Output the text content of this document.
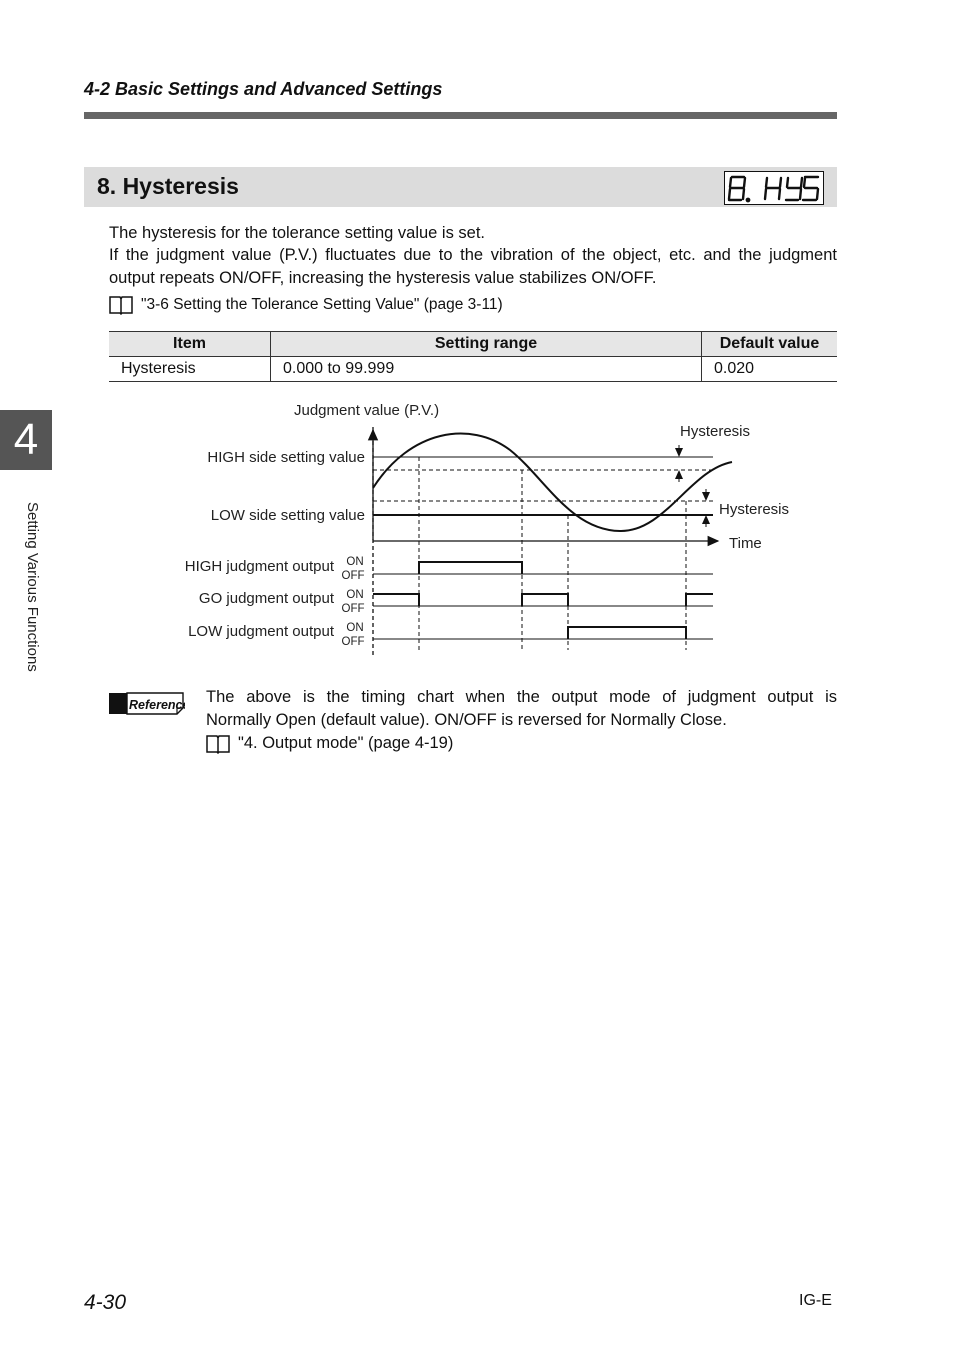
4-2 Basic Settings and Advanced Settings
8. Hysteresis
The hysteresis for the tolerance setting value is set.
If the judgment value (P.V.) fluctuates due to the vibration of the object, etc. and the judgment output repeats ON/OFF, increasing the hysteresis value stabilizes ON/OFF.
"3-6 Setting the Tolerance Setting Value" (page 3-11)
Item	Setting range	Default value
Hysteresis	0.000 to 99.999	0.020
Judgment value (P.V.)
HIGH side setting value
LOW side setting value
Hysteresis
Hysteresis
Time
HIGH judgment output
GO judgment output
LOW judgment output
ON
OFF
ON
OFF
ON
OFF
4
Setting Various Functions
Reference The above is the timing chart when the output mode of judgment output is
Normally Open (default value). ON/OFF is reversed for Normally Close.
"4. Output mode" (page 4-19)
4-30	IG-E
